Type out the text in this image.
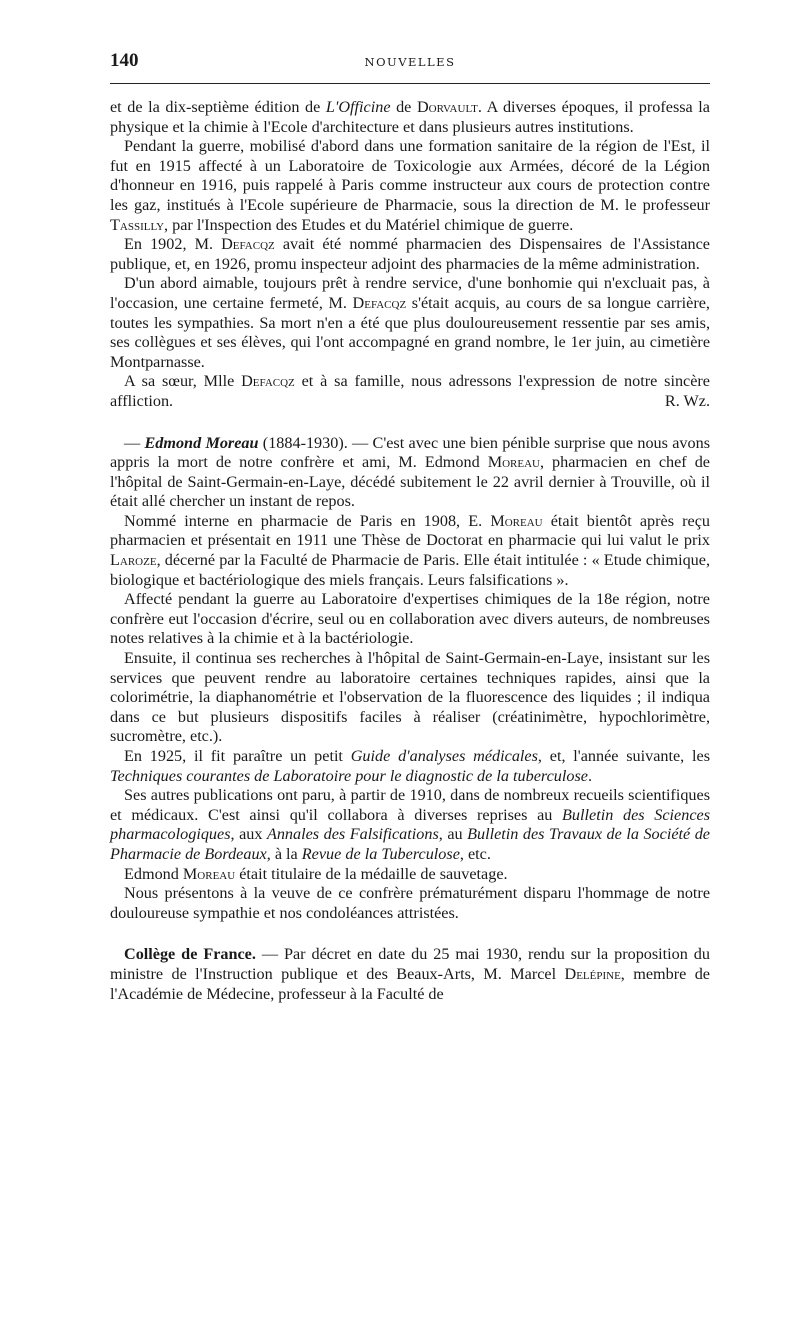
140	NOUVELLES

et de la dix-septième édition de L'Officine de Dorvault. A diverses époques, il professa la physique et la chimie à l'Ecole d'architecture et dans plusieurs autres institutions.

Pendant la guerre, mobilisé d'abord dans une formation sanitaire de la région de l'Est, il fut en 1915 affecté à un Laboratoire de Toxicologie aux Armées, décoré de la Légion d'honneur en 1916, puis rappelé à Paris comme instructeur aux cours de protection contre les gaz, institués à l'Ecole supérieure de Pharmacie, sous la direction de M. le professeur Tassilly, par l'Inspection des Etudes et du Matériel chimique de guerre.

En 1902, M. Defacqz avait été nommé pharmacien des Dispensaires de l'Assistance publique, et, en 1926, promu inspecteur adjoint des pharmacies de la même administration.

D'un abord aimable, toujours prêt à rendre service, d'une bonhomie qui n'excluait pas, à l'occasion, une certaine fermeté, M. Defacqz s'était acquis, au cours de sa longue carrière, toutes les sympathies. Sa mort n'en a été que plus douloureusement ressentie par ses amis, ses collègues et ses élèves, qui l'ont accompagné en grand nombre, le 1er juin, au cimetière Montparnasse.

A sa sœur, Mlle Defacqz et à sa famille, nous adressons l'expression de notre sincère affliction.	R. Wz.

— Edmond Moreau (1884-1930). — C'est avec une bien pénible surprise que nous avons appris la mort de notre confrère et ami, M. Edmond Moreau, pharmacien en chef de l'hôpital de Saint-Germain-en-Laye, décédé subitement le 22 avril dernier à Trouville, où il était allé chercher un instant de repos.

Nommé interne en pharmacie de Paris en 1908, E. Moreau était bientôt après reçu pharmacien et présentait en 1911 une Thèse de Doctorat en pharmacie qui lui valut le prix Laroze, décerné par la Faculté de Pharmacie de Paris. Elle était intitulée : « Etude chimique, biologique et bactériologique des miels français. Leurs falsifications ».

Affecté pendant la guerre au Laboratoire d'expertises chimiques de la 18e région, notre confrère eut l'occasion d'écrire, seul ou en collaboration avec divers auteurs, de nombreuses notes relatives à la chimie et à la bactériologie.

Ensuite, il continua ses recherches à l'hôpital de Saint-Germain-en-Laye, insistant sur les services que peuvent rendre au laboratoire certaines techniques rapides, ainsi que la colorimétrie, la diaphanométrie et l'observation de la fluorescence des liquides ; il indiqua dans ce but plusieurs dispositifs faciles à réaliser (créatinimètre, hypochlorimètre, sucromètre, etc.).

En 1925, il fit paraître un petit Guide d'analyses médicales, et, l'année suivante, les Techniques courantes de Laboratoire pour le diagnostic de la tuberculose.

Ses autres publications ont paru, à partir de 1910, dans de nombreux recueils scientifiques et médicaux. C'est ainsi qu'il collabora à diverses reprises au Bulletin des Sciences pharmacologiques, aux Annales des Falsifications, au Bulletin des Travaux de la Société de Pharmacie de Bordeaux, à la Revue de la Tuberculose, etc.

Edmond Moreau était titulaire de la médaille de sauvetage.

Nous présentons à la veuve de ce confrère prématurément disparu l'hommage de notre douloureuse sympathie et nos condoléances attristées.

Collège de France. — Par décret en date du 25 mai 1930, rendu sur la proposition du ministre de l'Instruction publique et des Beaux-Arts, M. Marcel Delépine, membre de l'Académie de Médecine, professeur à la Faculté de
